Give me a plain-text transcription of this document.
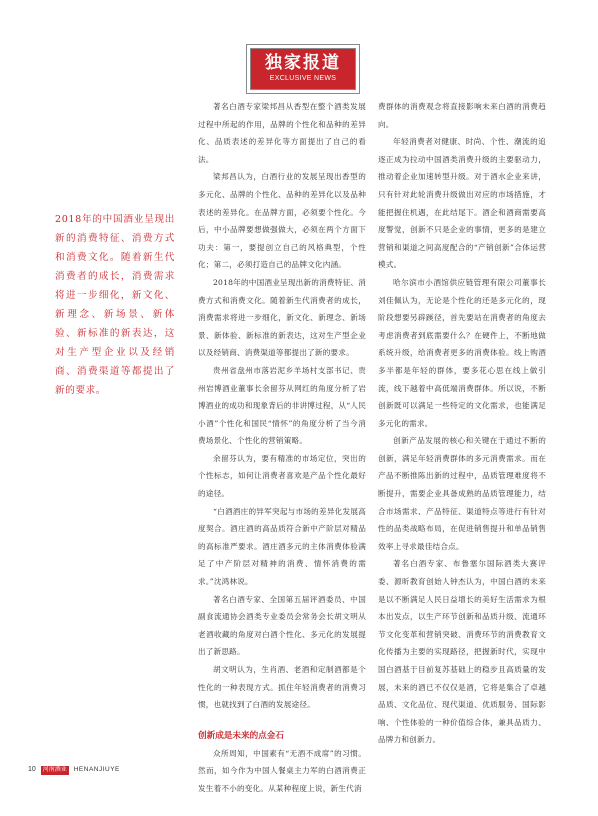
独家报道
EXCLUSIVE NEWS
2018年的中国酒业呈现出新的消费特征、消费方式和消费文化。随着新生代消费者的成长，消费需求将进一步细化，新文化、新理念、新场景、新体验、新标准的新表达，这对生产型企业以及经销商、消费渠道等都提出了新的要求。

著名白酒专家梁邦昌从香型在整个酒类发展过程中所起的作用，品牌的个性化和品种的差异化、品质表述的差异化等方面提出了自己的看法。

梁邦昌认为，白酒行业的发展呈现出香型的多元化、品牌的个性化、品种的差异化以及品种表述的差异化。在品牌方面，必须要个性化。今后，中小品牌要想做强做大，必须在两个方面下功夫：第一，要提创立自己的风格典型，个性化；第二，必须打造自己的品牌文化内涵。

2018年的中国酒业呈现出新的消费特征、消费方式和消费文化。随着新生代消费者的成长，消费需求将进一步细化，新文化、新理念、新场景、新体验、新标准的新表达，这对生产型企业以及经销商、消费渠道等都提出了新的要求。

贵州省盘州市落岩泥乡羊场村支部书记、贵州岩博酒业董事长余留芬从网红的角度分析了岩博酒业的成功和现象背后的非讲博过程，从“人民小酒”个性化和国民“情怀”的角度分析了当今消费场景化、个性化的营销策略。

余留芬认为，要有精准的市场定位，突出的个性标志，如何让消费者喜欢是产品个性化最好的途径。

“白酒酒庄的异军突起与市场的差异化发展高度契合。酒庄酒的高品质符合新中产阶层对精品的高标准严要求。酒庄酒多元的主体消费体验满足了中产阶层对精神的消费、情怀消费的需求。”沈鸿林说。

著名白酒专家、全国第五届评酒委员、中国副食流通协会酒类专业委员会常务会长胡文明从老酒收藏的角度对白酒个性化、多元化的发展提出了新思路。

胡文明认为，生肖酒、老酒和定制酒都是个性化的一种表现方式。抓住年轻消费者的消费习惯，也就找到了白酒的发展途径。

创新成是未来的点金石

众所周知，中国素有“无酒不成席”的习惯。然而，如今作为中国人餐桌主力军的白酒消费正发生着不小的变化。从某种程度上说，新生代消

费群体的消费观念将直接影响未来白酒的消费趋向。

年轻消费者对健康、时尚、个性、潮流的追逐正成为拉动中国酒类消费升级的主要驱动力，推动着企业加速转型升级。对于酒水企业来讲，只有针对此轮消费升级做出对应的市场措施，才能把握住机遇，在此结尾下。酒企和酒商需要高度警觉，创新不只是企业的事情，更多的是建立营销和渠道之间高度配合的“产销创新”合体运营模式。

哈尔滨市小酒馆供应链管理有限公司董事长刘佳佩认为，无论是个性化的还是多元化的，现阶段想要另辟蹊径，首先要站在消费者的角度去考虑消费者到底需要什么？在硬件上，不断地做系统升级，给消费者更多的消费体验。线上购酒多半都是年轻的群体，要多花心思在线上做引流，线下越着中高低端消费群体。所以说，不断创新既可以满足一些特定的文化需求，也能满足多元化的需求。

创新产品发展的核心和关键在于通过不断的创新，满足年轻消费群体的多元消费需求。而在产品不断推陈出新的过程中，品质管理难度将不断提升，需要企业具备成熟的品质管理能力，结合市场需求、产品特征、渠道特点等进行有针对性的品类战略布局，在促进销售提升和单品销售效率上寻求最佳结合点。

著名白酒专家、布鲁塞尔国际酒类大赛评委、源昕教育创始人钟杰认为，中国白酒的未来是以不断满足人民日益增长的美好生活需求为根本出发点，以生产环节创新和品质升级、流通环节文化变革和营销突破、消费环节的消费教育文化传播为主要的实现路径，把握新时代，实现中国白酒基于目前复苏基础上的稳步且高质量的发展，未来的酒已不仅仅是酒，它将是集合了卓越品质、文化品位、现代渠道、优质服务、国际影响、个性体验的一种价值综合体，兼具品质力、品牌力和创新力。

10 河南酒业 HENANJIUYE
